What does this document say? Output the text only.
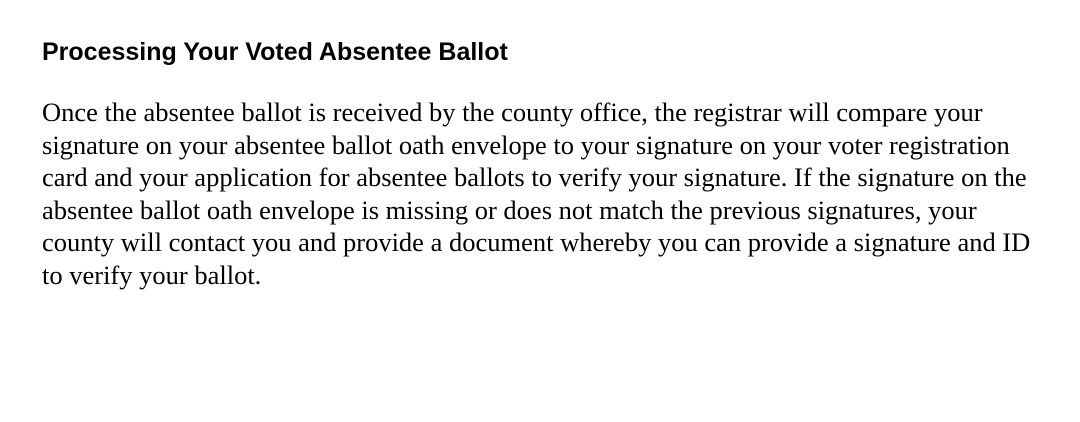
Processing Your Voted Absentee Ballot

Once the absentee ballot is received by the county office, the registrar will compare your
signature on your absentee ballot oath envelope to your signature on your voter registration
card and your application for absentee ballots to verify your signature. If the signature on the
absentee ballot oath envelope is missing or does not match the previous signatures, your
county will contact you and provide a document whereby you can provide a signature and ID
to verify your ballot.
